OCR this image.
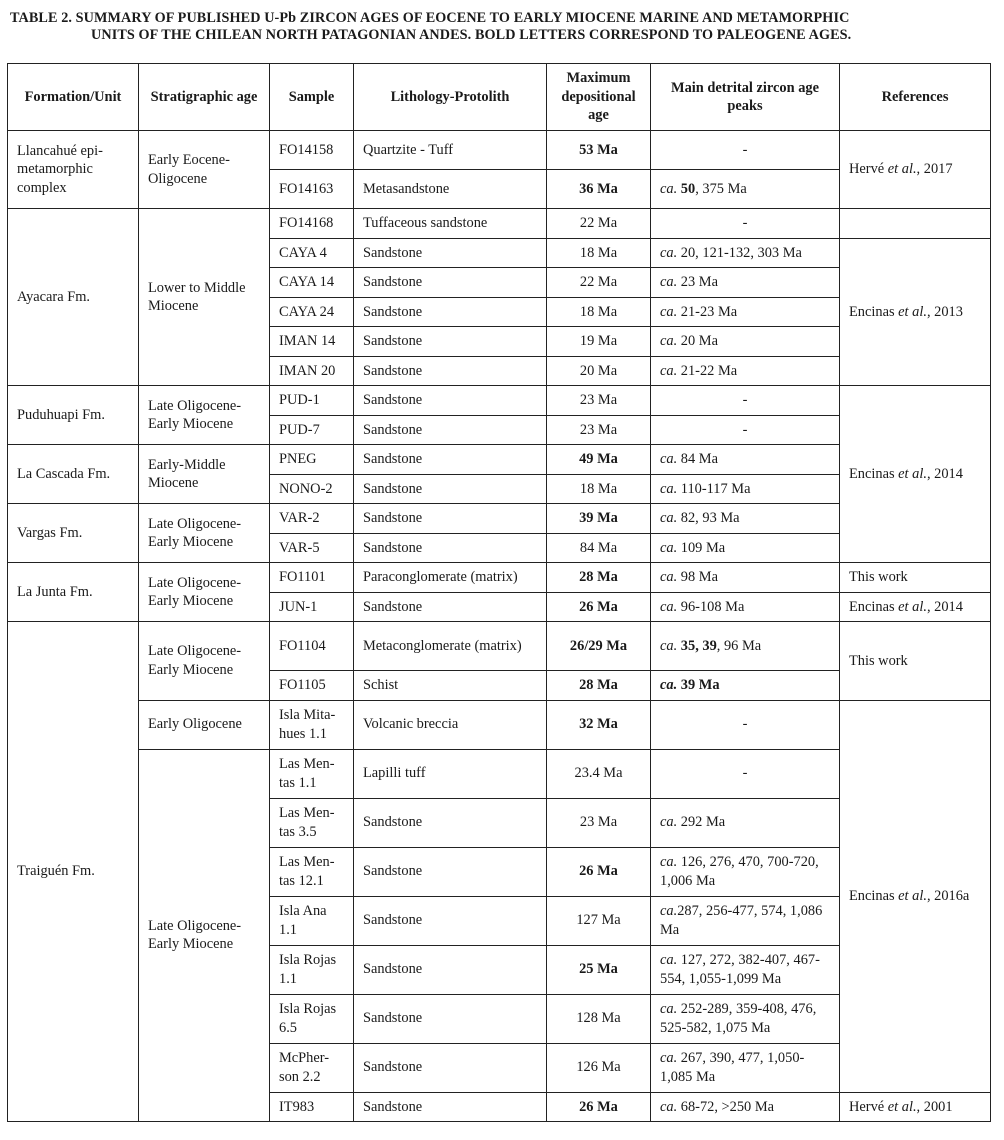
TABLE 2. SUMMARY OF PUBLISHED U-Pb ZIRCON AGES OF EOCENE TO EARLY MIOCENE MARINE AND METAMORPHIC
UNITS OF THE CHILEAN NORTH PATAGONIAN ANDES. BOLD LETTERS CORRESPOND TO PALEOGENE AGES.
Formation/Unit	Stratigraphic age	Sample	Lithology-Protolith	Maximum depositional age	Main detrital zircon age peaks	References
Llancahué epi-metamorphic complex	Early Eocene-Oligocene	FO14158	Quartzite - Tuff	53 Ma	-	Hervé et al., 2017
		FO14163	Metasandstone	36 Ma	ca. 50, 375 Ma	
Ayacara Fm.	Lower to Middle Miocene	FO14168	Tuffaceous sandstone	22 Ma	-	
		CAYA 4	Sandstone	18 Ma	ca. 20, 121-132, 303 Ma	Encinas et al., 2013
		CAYA 14	Sandstone	22 Ma	ca. 23 Ma	
		CAYA 24	Sandstone	18 Ma	ca. 21-23 Ma	
		IMAN 14	Sandstone	19 Ma	ca. 20 Ma	
		IMAN 20	Sandstone	20 Ma	ca. 21-22 Ma	
Puduhuapi Fm.	Late Oligocene-Early Miocene	PUD-1	Sandstone	23 Ma	-	Encinas et al., 2014
		PUD-7	Sandstone	23 Ma	-	
La Cascada Fm.	Early-Middle Miocene	PNEG	Sandstone	49 Ma	ca. 84 Ma	
		NONO-2	Sandstone	18 Ma	ca. 110-117 Ma	
Vargas Fm.	Late Oligocene-Early Miocene	VAR-2	Sandstone	39 Ma	ca. 82, 93 Ma	
		VAR-5	Sandstone	84 Ma	ca. 109 Ma	
La Junta Fm.	Late Oligocene-Early Miocene	FO1101	Paraconglomerate (matrix)	28 Ma	ca. 98 Ma	This work
		JUN-1	Sandstone	26 Ma	ca. 96-108 Ma	Encinas et al., 2014
Traiguén Fm.	Late Oligocene-Early Miocene	FO1104	Metaconglomerate (matrix)	26/29 Ma	ca. 35, 39, 96 Ma	This work
		FO1105	Schist	28 Ma	ca. 39 Ma	
	Early Oligocene	Isla Mita-hues 1.1	Volcanic breccia	32 Ma	-	Encinas et al., 2016a
	Late Oligocene-Early Miocene	Las Men-tas 1.1	Lapilli tuff	23.4 Ma	-	
		Las Men-tas 3.5	Sandstone	23 Ma	ca. 292 Ma	
		Las Men-tas 12.1	Sandstone	26 Ma	ca. 126, 276, 470, 700-720, 1,006 Ma	
		Isla Ana 1.1	Sandstone	127 Ma	ca.287, 256-477, 574, 1,086 Ma	
		Isla Rojas 1.1	Sandstone	25 Ma	ca. 127, 272, 382-407, 467-554, 1,055-1,099 Ma	
		Isla Rojas 6.5	Sandstone	128 Ma	ca. 252-289, 359-408, 476, 525-582, 1,075 Ma	
		McPher-son 2.2	Sandstone	126 Ma	ca. 267, 390, 477, 1,050-1,085 Ma	
		IT983	Sandstone	26 Ma	ca. 68-72, >250 Ma	Hervé et al., 2001
